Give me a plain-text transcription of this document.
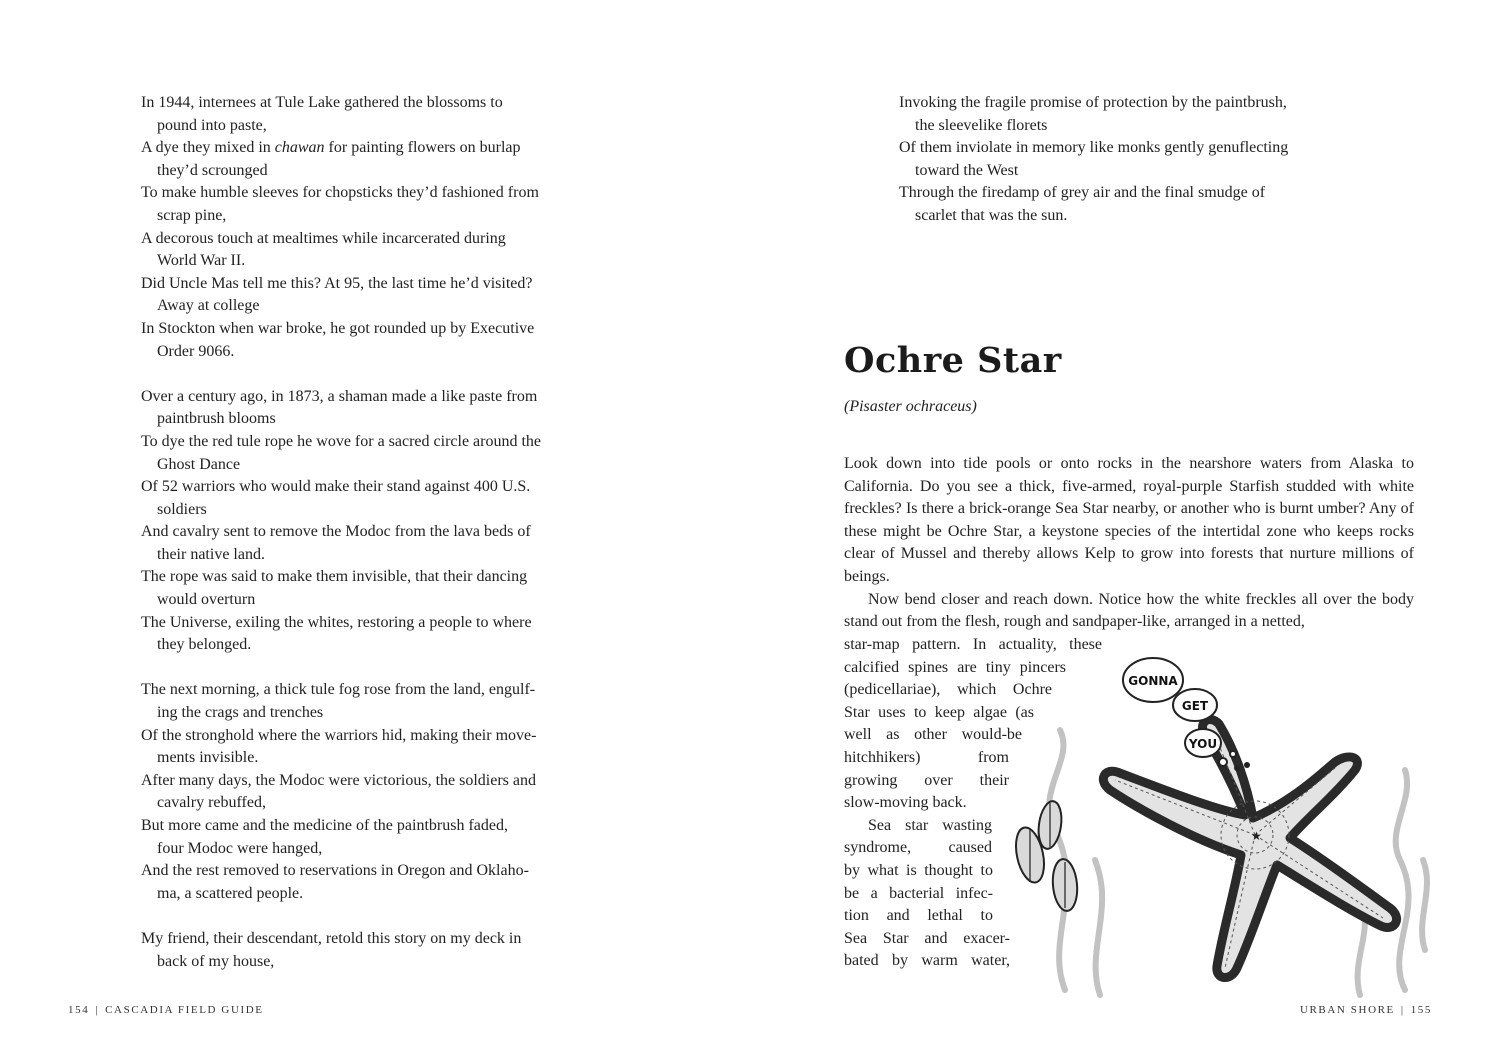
In 1944, internees at Tule Lake gathered the blossoms to
pound into paste,
A dye they mixed in chawan for painting flowers on burlap
they’d scrounged
To make humble sleeves for chopsticks they’d fashioned from
scrap pine,
A decorous touch at mealtimes while incarcerated during
World War II.
Did Uncle Mas tell me this? At 95, the last time he’d visited?
Away at college
In Stockton when war broke, he got rounded up by Executive
Order 9066.
Over a century ago, in 1873, a shaman made a like paste from
paintbrush blooms
To dye the red tule rope he wove for a sacred circle around the
Ghost Dance
Of 52 warriors who would make their stand against 400 U.S.
soldiers
And cavalry sent to remove the Modoc from the lava beds of
their native land.
The rope was said to make them invisible, that their dancing
would overturn
The Universe, exiling the whites, restoring a people to where
they belonged.
The next morning, a thick tule fog rose from the land, engulf-
ing the crags and trenches
Of the stronghold where the warriors hid, making their move-
ments invisible.
After many days, the Modoc were victorious, the soldiers and
cavalry rebuffed,
But more came and the medicine of the paintbrush faded,
four Modoc were hanged,
And the rest removed to reservations in Oregon and Oklaho-
ma, a scattered people.
My friend, their descendant, retold this story on my deck in
back of my house,
154 | CASCADIA FIELD GUIDE
Invoking the fragile promise of protection by the paintbrush,
the sleevelike florets
Of them inviolate in memory like monks gently genuflecting
toward the West
Through the firedamp of grey air and the final smudge of
scarlet that was the sun.
Ochre Star

(Pisaster ochraceus)

Look down into tide pools or onto rocks in the nearshore waters from Alaska to California. Do you see a thick, five-armed, royal-purple Starfish studded with white freckles? Is there a brick-orange Sea Star nearby, or another who is burnt umber? Any of these might be Ochre Star, a keystone species of the intertidal zone who keeps rocks clear of Mussel and thereby allows Kelp to grow into forests that nurture millions of beings.
Now bend closer and reach down. Notice how the white freckles all over the body stand out from the flesh, rough and sandpaper-like, arranged in a netted,
star-map pattern. In actuality, these
calcified spines are tiny pincers
(pedicellariae), which Ochre
Star uses to keep algae (as
well as other would-be
hitchhikers) from
growing over their
slow-moving back.
Sea star wasting
syndrome, caused
by what is thought to
be a bacterial infec-
tion and lethal to
Sea Star and exacer-
bated by warm water,
★
GONNA
GET
YOU
URBAN SHORE | 155
